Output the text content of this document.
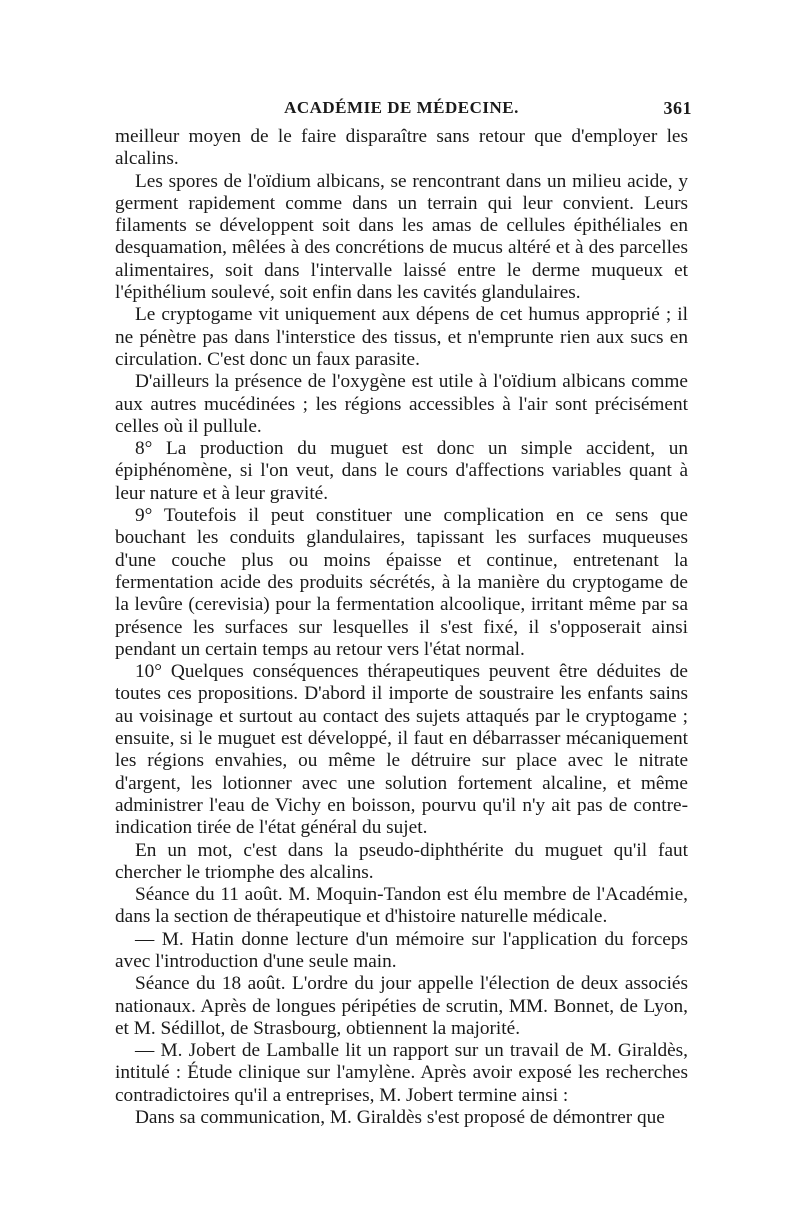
ACADÉMIE DE MÉDECINE.	361

meilleur moyen de le faire disparaître sans retour que d'employer les alcalins.

Les spores de l'oïdium albicans, se rencontrant dans un milieu acide, y germent rapidement comme dans un terrain qui leur convient. Leurs filaments se développent soit dans les amas de cellules épithéliales en desquamation, mêlées à des concrétions de mucus altéré et à des parcelles alimentaires, soit dans l'intervalle laissé entre le derme muqueux et l'épithélium soulevé, soit enfin dans les cavités glandulaires.

Le cryptogame vit uniquement aux dépens de cet humus approprié ; il ne pénètre pas dans l'interstice des tissus, et n'emprunte rien aux sucs en circulation. C'est donc un faux parasite.

D'ailleurs la présence de l'oxygène est utile à l'oïdium albicans comme aux autres mucédinées ; les régions accessibles à l'air sont précisément celles où il pullule.

8° La production du muguet est donc un simple accident, un épiphénomène, si l'on veut, dans le cours d'affections variables quant à leur nature et à leur gravité.

9° Toutefois il peut constituer une complication en ce sens que bouchant les conduits glandulaires, tapissant les surfaces muqueuses d'une couche plus ou moins épaisse et continue, entretenant la fermentation acide des produits sécrétés, à la manière du cryptogame de la levûre (cerevisia) pour la fermentation alcoolique, irritant même par sa présence les surfaces sur lesquelles il s'est fixé, il s'opposerait ainsi pendant un certain temps au retour vers l'état normal.

10° Quelques conséquences thérapeutiques peuvent être déduites de toutes ces propositions. D'abord il importe de soustraire les enfants sains au voisinage et surtout au contact des sujets attaqués par le cryptogame ; ensuite, si le muguet est développé, il faut en débarrasser mécaniquement les régions envahies, ou même le détruire sur place avec le nitrate d'argent, les lotionner avec une solution fortement alcaline, et même administrer l'eau de Vichy en boisson, pourvu qu'il n'y ait pas de contre-indication tirée de l'état général du sujet.

En un mot, c'est dans la pseudo-diphthérite du muguet qu'il faut chercher le triomphe des alcalins.

Séance du 11 août. M. Moquin-Tandon est élu membre de l'Académie, dans la section de thérapeutique et d'histoire naturelle médicale.

— M. Hatin donne lecture d'un mémoire sur l'application du forceps avec l'introduction d'une seule main.

Séance du 18 août. L'ordre du jour appelle l'élection de deux associés nationaux. Après de longues péripéties de scrutin, MM. Bonnet, de Lyon, et M. Sédillot, de Strasbourg, obtiennent la majorité.

— M. Jobert de Lamballe lit un rapport sur un travail de M. Giraldès, intitulé : Étude clinique sur l'amylène. Après avoir exposé les recherches contradictoires qu'il a entreprises, M. Jobert termine ainsi :

Dans sa communication, M. Giraldès s'est proposé de démontrer que
